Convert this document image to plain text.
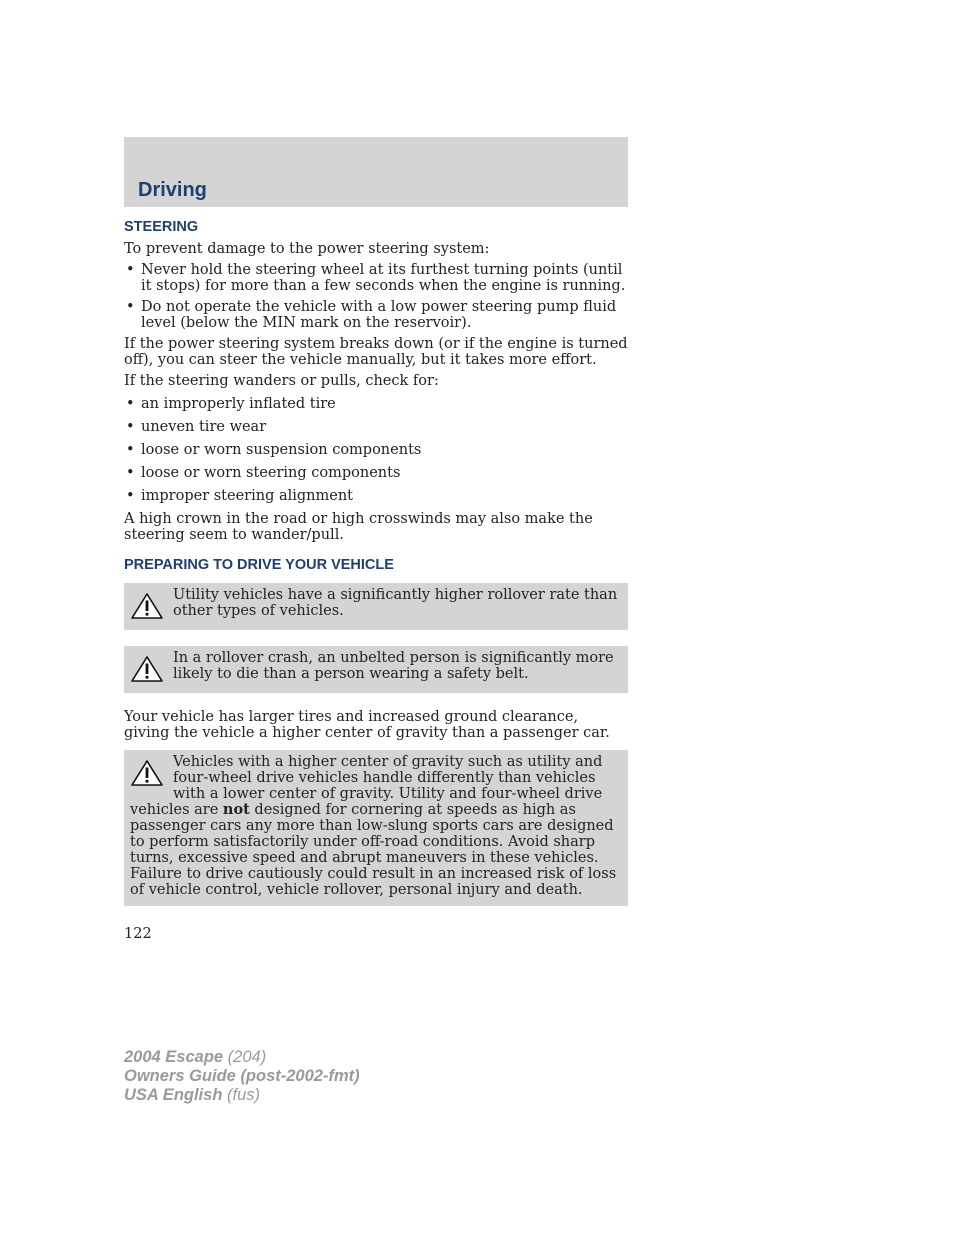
Driving
STEERING

To prevent damage to the power steering system:

• Never hold the steering wheel at its furthest turning points (until it stops) for more than a few seconds when the engine is running.
• Do not operate the vehicle with a low power steering pump fluid level (below the MIN mark on the reservoir).

If the power steering system breaks down (or if the engine is turned off), you can steer the vehicle manually, but it takes more effort.

If the steering wanders or pulls, check for:

• an improperly inflated tire
• uneven tire wear
• loose or worn suspension components
• loose or worn steering components
• improper steering alignment

A high crown in the road or high crosswinds may also make the steering seem to wander/pull.

PREPARING TO DRIVE YOUR VEHICLE
Utility vehicles have a significantly higher rollover rate than other types of vehicles.
In a rollover crash, an unbelted person is significantly more likely to die than a person wearing a safety belt.

Your vehicle has larger tires and increased ground clearance, giving the vehicle a higher center of gravity than a passenger car.

Vehicles with a higher center of gravity such as utility and four-wheel drive vehicles handle differently than vehicles with a lower center of gravity. Utility and four-wheel drive vehicles are not designed for cornering at speeds as high as passenger cars any more than low-slung sports cars are designed to perform satisfactorily under off-road conditions. Avoid sharp turns, excessive speed and abrupt maneuvers in these vehicles. Failure to drive cautiously could result in an increased risk of loss of vehicle control, vehicle rollover, personal injury and death.
122
2004 Escape (204)
Owners Guide (post-2002-fmt)
USA English (fus)
